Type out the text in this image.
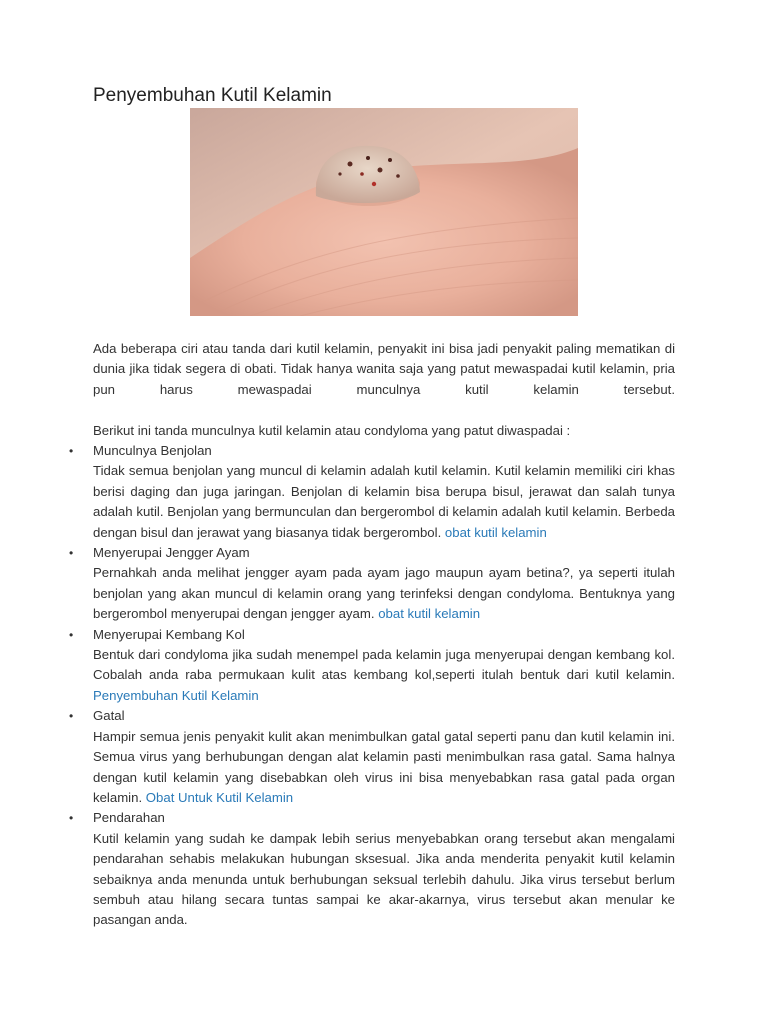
Penyembuhan Kutil Kelamin

Ada beberapa ciri atau tanda dari kutil kelamin, penyakit ini bisa jadi penyakit paling mematikan di dunia jika tidak segera di obati. Tidak hanya wanita saja yang patut mewaspadai kutil kelamin, pria pun harus mewaspadai munculnya kutil kelamin tersebut.

Berikut ini tanda munculnya kutil kelamin atau condyloma yang patut diwaspadai :

• Munculnya Benjolan

Tidak semua benjolan yang muncul di kelamin adalah kutil kelamin. Kutil kelamin memiliki ciri khas berisi daging dan juga jaringan. Benjolan di kelamin bisa berupa bisul, jerawat dan salah tunya adalah kutil. Benjolan yang bermunculan dan bergerombol di kelamin adalah kutil kelamin. Berbeda dengan bisul dan jerawat yang biasanya tidak bergerombol. obat kutil kelamin

• Menyerupai Jengger Ayam

Pernahkah anda melihat jengger ayam pada ayam jago maupun ayam betina?, ya seperti itulah benjolan yang akan muncul di kelamin orang yang terinfeksi dengan condyloma. Bentuknya yang bergerombol menyerupai dengan jengger ayam. obat kutil kelamin

• Menyerupai Kembang Kol

Bentuk dari condyloma jika sudah menempel pada kelamin juga menyerupai dengan kembang kol. Cobalah anda raba permukaan kulit atas kembang kol,seperti itulah bentuk dari kutil kelamin. Penyembuhan Kutil Kelamin

• Gatal

Hampir semua jenis penyakit kulit akan menimbulkan gatal gatal seperti panu dan kutil kelamin ini. Semua virus yang berhubungan dengan alat kelamin pasti menimbulkan rasa gatal. Sama halnya dengan kutil kelamin yang disebabkan oleh virus ini bisa menyebabkan rasa gatal pada organ kelamin. Obat Untuk Kutil Kelamin

• Pendarahan

Kutil kelamin yang sudah ke dampak lebih serius menyebabkan orang tersebut akan mengalami pendarahan sehabis melakukan hubungan sksesual. Jika anda menderita penyakit kutil kelamin sebaiknya anda menunda untuk berhubungan seksual terlebih dahulu. Jika virus tersebut berlum sembuh atau hilang secara tuntas sampai ke akar-akarnya, virus tersebut akan menular ke pasangan anda.
